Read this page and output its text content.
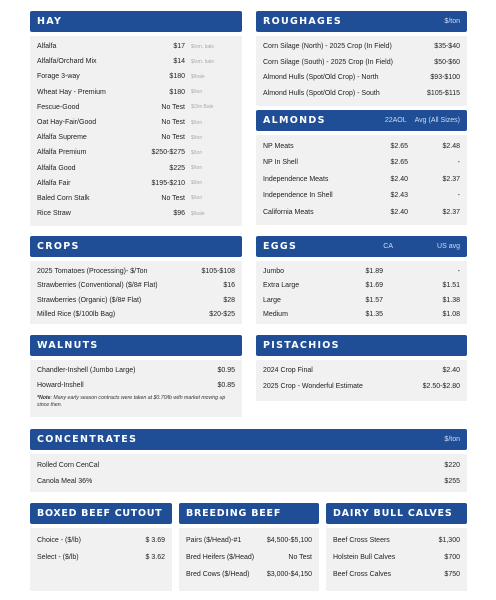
HAY
Alfalfa	$17	$/sm. bale
Alfalfa/Orchard Mix	$14	$/sm. bale
Forage 3-way	$180	$/bale
Wheat Hay - Premium	$180	$/ton
Fescue-Good	No Test	$/3m Bale
Oat Hay-Fair/Good	No Test	$/ton
Alfalfa Supreme	No Test	$/ton
Alfalfa Premium	$250-$275	$/ton
Alfalfa Good	$225	$/ton
Alfalfa Fair	$195-$210	$/ton
Baled Corn Stalk	No Test	$/ton
Rice Straw	$96	$/bale
ROUGHAGES	$/ton
Corn Silage (North) - 2025 Crop (In Field)	$35-$40
Corn Silage (South) - 2025 Crop (In Field)	$50-$60
Almond Hulls (Spot/Old Crop) - North	$93-$100
Almond Hulls (Spot/Old Crop) - South	$105-$115
ALMONDS	22AOL Avg (All Sizes)
NP Meats	$2.65	$2.48
NP In Shell	$2.65	-
Independence Meats	$2.40	$2.37
Independence In Shell	$2.43	-
California Meats	$2.40	$2.37
CROPS
2025 Tomatoes (Processing)- $/Ton	$105-$108
Strawberries (Conventional) ($/8# Flat)	$16
Strawberries (Organic) ($/8# Flat)	$28
Milled Rice ($/100lb Bag)	$20-$25
EGGS	CA	US avg
Jumbo	$1.89	-
Extra Large	$1.69	$1.51
Large	$1.57	$1.38
Medium	$1.35	$1.08
WALNUTS
Chandler-Inshell (Jumbo Large)	$0.95
Howard-Inshell	$0.85
*Note: Many early season contracts were taken at $0.70/lb with market moving up since then.
PISTACHIOS
2024 Crop Final	$2.40
2025 Crop - Wonderful Estimate	$2.50-$2.80
CONCENTRATES	$/ton
Rolled Corn CenCal	$220
Canola Meal 36%	$255
BOXED BEEF CUTOUT
Choice - ($/lb)	$ 3.69
Select - ($/lb)	$ 3.62
BREEDING BEEF
Pairs ($/Head)-#1	$4,500-$5,100
Bred Heifers ($/Head)	No Test
Bred Cows ($/Head)	$3,000-$4,150
DAIRY BULL CALVES
Beef Cross Steers	$1,300
Holstein Bull Calves	$700
Beef Cross Calves	$750
